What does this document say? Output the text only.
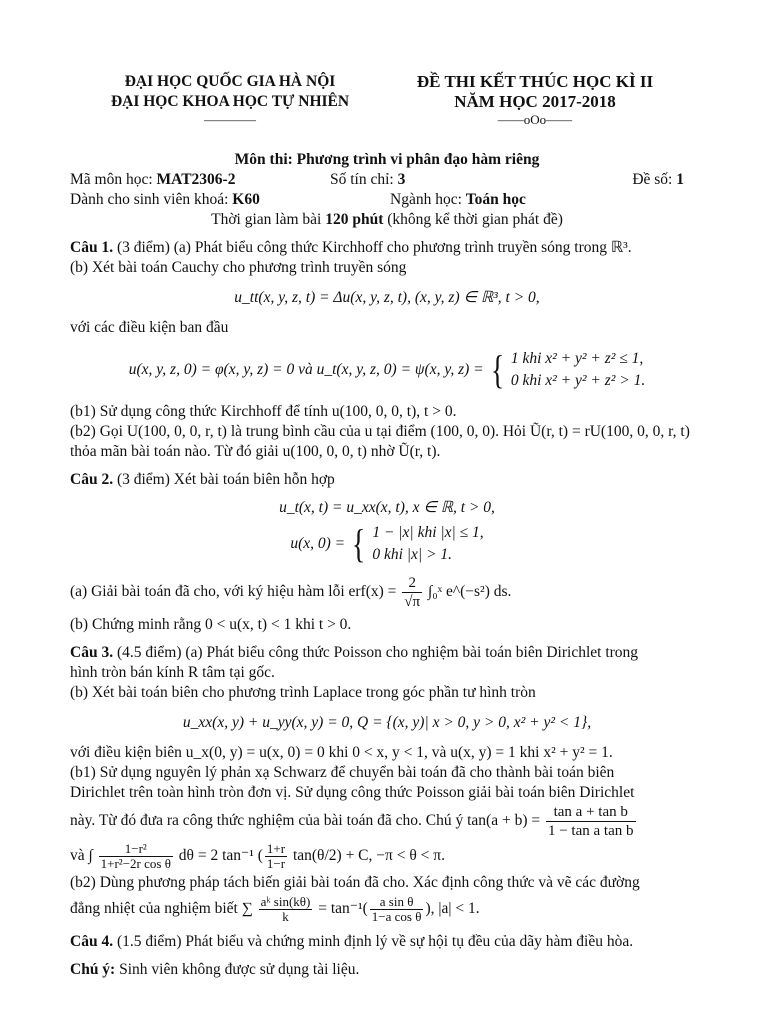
ĐẠI HỌC QUỐC GIA HÀ NỘI
ĐẠI HỌC KHOA HỌC TỰ NHIÊN
————
ĐỀ THI KẾT THÚC HỌC KÌ II
NĂM HỌC 2017-2018
——oOo——

Môn thi: Phương trình vi phân đạo hàm riêng

Mã môn học: MAT2306-2	Số tín chỉ: 3	Đề số: 1
Dành cho sinh viên khoá: K60	Ngành học: Toán học

Thời gian làm bài 120 phút (không kể thời gian phát đề)

Câu 1. (3 điểm) (a) Phát biểu công thức Kirchhoff cho phương trình truyền sóng trong ℝ³.

(b) Xét bài toán Cauchy cho phương trình truyền sóng

u_tt(x, y, z, t) = Δu(x, y, z, t), (x, y, z) ∈ ℝ³, t > 0,

với các điều kiện ban đầu

u(x, y, z, 0) = φ(x, y, z) = 0 và u_t(x, y, z, 0) = ψ(x, y, z) = { 1 khi x² + y² + z² ≤ 1,
0 khi x² + y² + z² > 1.

(b1) Sử dụng công thức Kirchhoff để tính u(100, 0, 0, t), t > 0.

(b2) Gọi U(100, 0, 0, r, t) là trung bình cầu của u tại điểm (100, 0, 0). Hỏi Ũ(r, t) = rU(100, 0, 0, r, t)

thỏa mãn bài toán nào. Từ đó giải u(100, 0, 0, t) nhờ Ũ(r, t).

Câu 2. (3 điểm) Xét bài toán biên hỗn hợp

u_t(x, t) = u_xx(x, t), x ∈ ℝ, t > 0,
u(x, 0) = { 1 − |x| khi |x| ≤ 1,
0 khi |x| > 1.

(a) Giải bài toán đã cho, với ký hiệu hàm lỗi $erf(x) = \frac{2}{√\pi}$ ∫₀ˣ e^(−s²) ds.

(b) Chứng minh rằng 0 < u(x, t) < 1 khi t > 0.

Câu 3. (4.5 điểm) (a) Phát biểu công thức Poisson cho nghiệm bài toán biên Dirichlet trong

hình tròn bán kính R tâm tại gốc.

(b) Xét bài toán biên cho phương trình Laplace trong góc phần tư hình tròn

u_xx(x, y) + u_yy(x, y) = 0, Q = {(x, y)| x > 0, y > 0, x² + y² < 1},

với điều kiện biên u_x(0, y) = u(x, 0) = 0 khi 0 < x, y < 1, và u(x, y) = 1 khi x² + y² = 1.

(b1) Sử dụng nguyên lý phản xạ Schwarz để chuyển bài toán đã cho thành bài toán biên

Dirichlet trên toàn hình tròn đơn vị. Sử dụng công thức Poisson giải bài toán biên Dirichlet

này. Từ đó đưa ra công thức nghiệm của bài toán đã cho. Chú ý $\tan(a + b) = \frac{\text{tan a + tan b}}{\text{1 − tan a tan b}}$

và ∫ $\frac{\text{1−r²}}{\text{1+r²−2r cos θ}}$ dθ = 2 tan⁻¹ ( $\frac{1+r}{1-r} \tan(\theta/2) + C$, −π < θ < π.

(b2) Dùng phương pháp tách biến giải bài toán đã cho. Xác định công thức và vẽ các đường

đẳng nhiệt của nghiệm biết ∑ $\frac{\text{aᵏ sin(kθ)}}{k} = \tan^{-1}( \frac{\text{a sin θ}}{\text{1−a cos θ}}$ ), |a| < 1.

Câu 4. (1.5 điểm) Phát biểu và chứng minh định lý về sự hội tụ đều của dãy hàm điều hòa.

Chú ý: Sinh viên không được sử dụng tài liệu.
